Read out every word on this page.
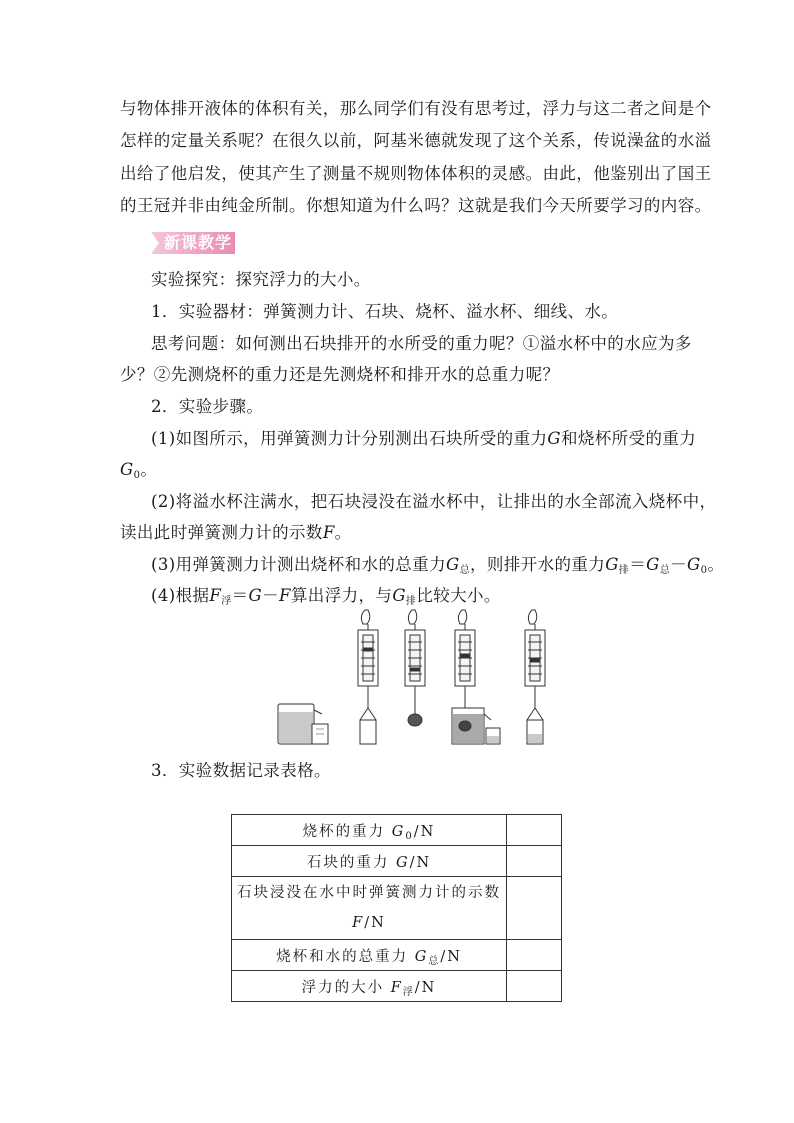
与物体排开液体的体积有关，那么同学们有没有思考过，浮力与这二者之间是个
怎样的定量关系呢？在很久以前，阿基米德就发现了这个关系，传说澡盆的水溢
出给了他启发，使其产生了测量不规则物体体积的灵感。由此，他鉴别出了国王
的王冠并非由纯金所制。你想知道为什么吗？这就是我们今天所要学习的内容。
新课教学
实验探究：探究浮力的大小。
1．实验器材：弹簧测力计、石块、烧杯、溢水杯、细线、水。
思考问题：如何测出石块排开的水所受的重力呢？①溢水杯中的水应为多
少？②先测烧杯的重力还是先测烧杯和排开水的总重力呢？
2．实验步骤。
(1)如图所示，用弹簧测力计分别测出石块所受的重力G和烧杯所受的重力
$G_0$。
(2)将溢水杯注满水，把石块浸没在溢水杯中，让排出的水全部流入烧杯中，
读出此时弹簧测力计的示数F。
(3)用弹簧测力计测出烧杯和水的总重力$G_总$，则排开水的重力$G_排=G_总-G_0$。
(4)根据$F_浮=G-F$算出浮力，与$G_排$比较大小。
3．实验数据记录表格。
烧杯的重力 $G_0/N$	
石块的重力 G/N	
石块浸没在水中时弹簧测力计的示数
F/N	
烧杯和水的总重力 $G_总/N$	
浮力的大小 $F_浮/N$	
